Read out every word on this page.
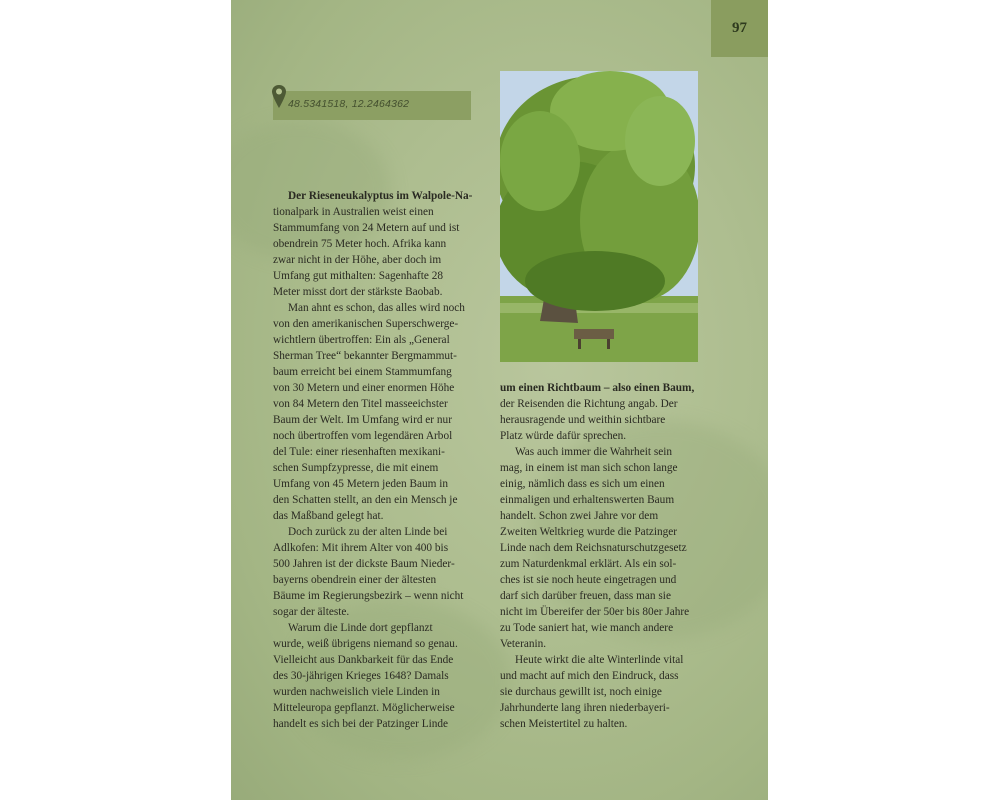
97
48.5341518, 12.2464362

Der Rieseneukalyptus im Walpole-Na-
tionalpark in Australien weist einen

Stammumfang von 24 Metern auf und ist
obendrein 75 Meter hoch. Afrika kann
zwar nicht in der Höhe, aber doch im
Umfang gut mithalten: Sagenhafte 28
Meter misst dort der stärkste Baobab.

Man ahnt es schon, das alles wird noch

von den amerikanischen Superschwerge-
wichtlern übertroffen: Ein als „General
Sherman Tree“ bekannter Bergmammut-
baum erreicht bei einem Stammumfang
von 30 Metern und einer enormen Höhe
von 84 Metern den Titel masseeichster
Baum der Welt. Im Umfang wird er nur
noch übertroffen vom legendären Arbol
del Tule: einer riesenhaften mexikani-
schen Sumpfzypresse, die mit einem
Umfang von 45 Metern jeden Baum in
den Schatten stellt, an den ein Mensch je
das Maßband gelegt hat.

Doch zurück zu der alten Linde bei

Adlkofen: Mit ihrem Alter von 400 bis
500 Jahren ist der dickste Baum Nieder-
bayerns obendrein einer der ältesten
Bäume im Regierungsbezirk – wenn nicht
sogar der älteste.

Warum die Linde dort gepflanzt

wurde, weiß übrigens niemand so genau.
Vielleicht aus Dankbarkeit für das Ende
des 30-jährigen Krieges 1648? Damals
wurden nachweislich viele Linden in
Mitteleuropa gepflanzt. Möglicherweise
handelt es sich bei der Patzinger Linde

um einen Richtbaum – also einen Baum,
der Reisenden die Richtung angab. Der
herausragende und weithin sichtbare
Platz würde dafür sprechen.

Was auch immer die Wahrheit sein

mag, in einem ist man sich schon lange
einig, nämlich dass es sich um einen
einmaligen und erhaltenswerten Baum
handelt. Schon zwei Jahre vor dem
Zweiten Weltkrieg wurde die Patzinger
Linde nach dem Reichsnaturschutzgesetz
zum Naturdenkmal erklärt. Als ein sol-
ches ist sie noch heute eingetragen und
darf sich darüber freuen, dass man sie
nicht im Übereifer der 50er bis 80er Jahre
zu Tode saniert hat, wie manch andere
Veteranin.

Heute wirkt die alte Winterlinde vital

und macht auf mich den Eindruck, dass
sie durchaus gewillt ist, noch einige
Jahrhunderte lang ihren niederbayeri-
schen Meistertitel zu halten.
